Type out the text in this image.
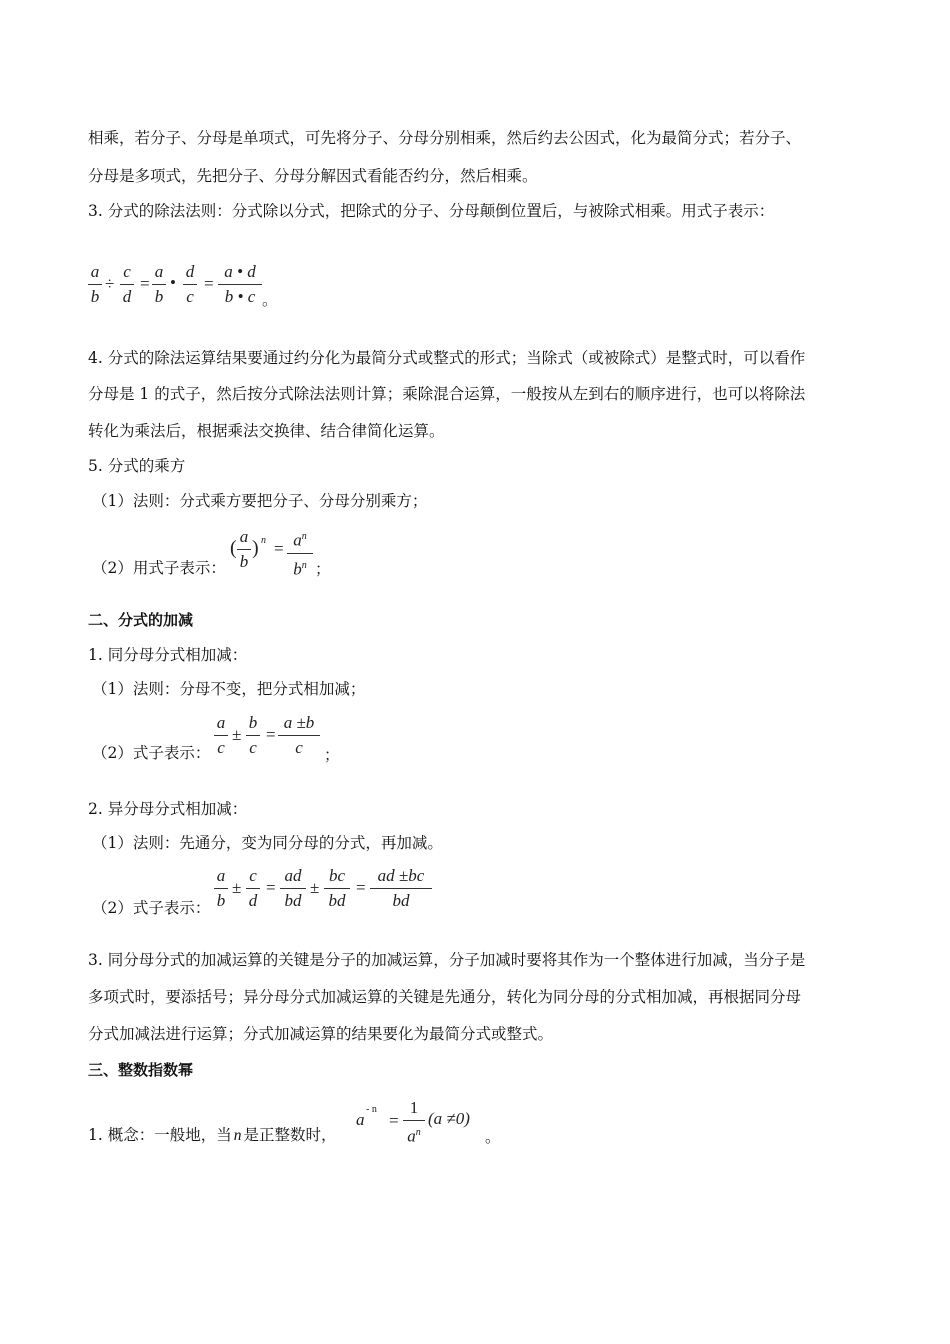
相乘，若分子、分母是单项式，可先将分子、分母分别相乘，然后约去公因式，化为最简分式；若分子、
分母是多项式，先把分子、分母分解因式看能否约分，然后相乘。
3. 分式的除法法则：分式除以分式，把除式的分子、分母颠倒位置后，与被除式相乘。用式子表示：
a
b
÷
c
d
=
a
b
•
d
c
=
a • d
b • c 。
4. 分式的除法运算结果要通过约分化为最简分式或整式的形式；当除式（或被除式）是整式时，可以看作
分母是 1 的式子，然后按分式除法法则计算；乘除混合运算，一般按从左到右的顺序进行，也可以将除法
转化为乘法后，根据乘法交换律、结合律简化运算。
5. 分式的乘方
（1）法则：分式乘方要把分子、分母分别乘方；
（2）用式子表示：
(
a
b
) $n = a^n$
$b^n$ ；
二、分式的加减
1. 同分母分式相加减：
（1）法则：分母不变，把分式相加减；
（2）式子表示：
a
c
±
b
c
=
a ±b
c	；
2. 异分母分式相加减：
（1）法则：先通分，变为同分母的分式，再加减。
（2）式子表示：
a
b
±
c
d
=
ad
bd
±
bc
bd
=
ad ±bc
bd
3. 同分母分式的加减运算的关键是分子的加减运算，分子加减时要将其作为一个整体进行加减，当分子是
多项式时，要添括号；异分母分式加减运算的关键是先通分，转化为同分母的分式相加减，再根据同分母
分式加减法进行运算；分式加减运算的结果要化为最简分式或整式。
三、整数指数幂
1. 概念：一般地，当 n 是正整数时，
a
- n
=
1
$a^n$
(a ≠0)
。
